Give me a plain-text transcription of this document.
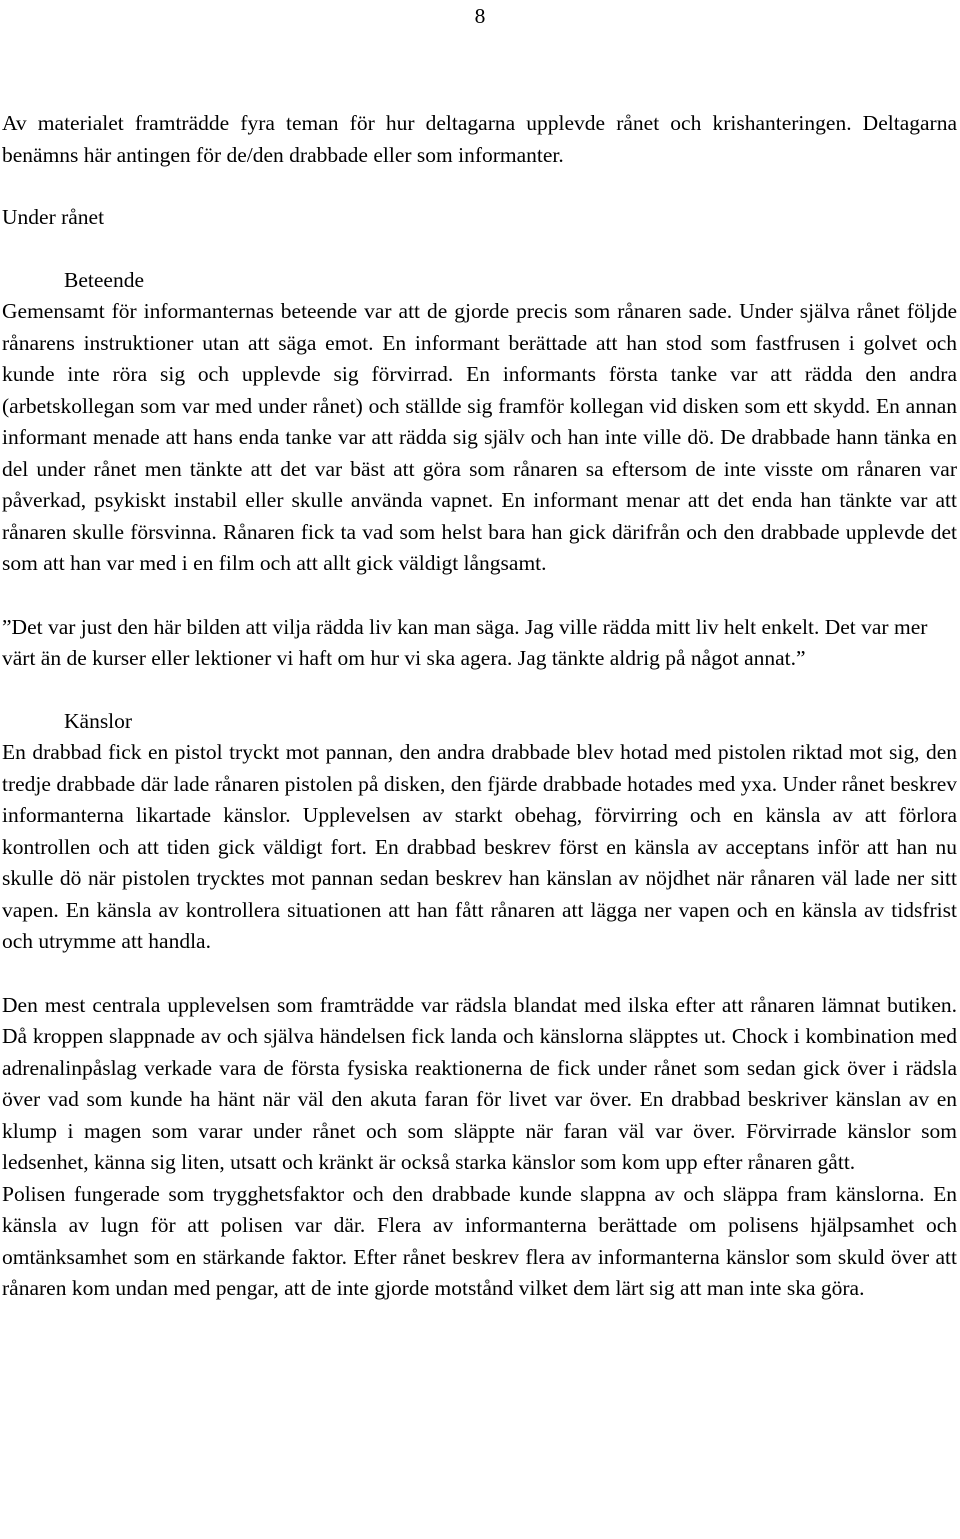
8

Av materialet framträdde fyra teman för hur deltagarna upplevde rånet och krishanteringen. Deltagarna benämns här antingen för de/den drabbade eller som informanter.

Under rånet

Beteende

Gemensamt för informanternas beteende var att de gjorde precis som rånaren sade. Under själva rånet följde rånarens instruktioner utan att säga emot. En informant berättade att han stod som fastfrusen i golvet och kunde inte röra sig och upplevde sig förvirrad. En informants första tanke var att rädda den andra (arbetskollegan som var med under rånet) och ställde sig framför kollegan vid disken som ett skydd. En annan informant menade att hans enda tanke var att rädda sig själv och han inte ville dö. De drabbade hann tänka en del under rånet men tänkte att det var bäst att göra som rånaren sa eftersom de inte visste om rånaren var påverkad, psykiskt instabil eller skulle använda vapnet. En informant menar att det enda han tänkte var att rånaren skulle försvinna. Rånaren fick ta vad som helst bara han gick därifrån och den drabbade upplevde det som att han var med i en film och att allt gick väldigt långsamt.

”Det var just den här bilden att vilja rädda liv kan man säga. Jag ville rädda mitt liv helt enkelt. Det var mer värt än de kurser eller lektioner vi haft om hur vi ska agera. Jag tänkte aldrig på något annat.”

Känslor

En drabbad fick en pistol tryckt mot pannan, den andra drabbade blev hotad med pistolen riktad mot sig, den tredje drabbade där lade rånaren pistolen på disken, den fjärde drabbade hotades med yxa. Under rånet beskrev informanterna likartade känslor. Upplevelsen av starkt obehag, förvirring och en känsla av att förlora kontrollen och att tiden gick väldigt fort. En drabbad beskrev först en känsla av acceptans inför att han nu skulle dö när pistolen trycktes mot pannan sedan beskrev han känslan av nöjdhet när rånaren väl lade ner sitt vapen. En känsla av kontrollera situationen att han fått rånaren att lägga ner vapen och en känsla av tidsfrist och utrymme att handla.

Den mest centrala upplevelsen som framträdde var rädsla blandat med ilska efter att rånaren lämnat butiken. Då kroppen slappnade av och själva händelsen fick landa och känslorna släpptes ut. Chock i kombination med adrenalinpåslag verkade vara de första fysiska reaktionerna de fick under rånet som sedan gick över i rädsla över vad som kunde ha hänt när väl den akuta faran för livet var över. En drabbad beskriver känslan av en klump i magen som varar under rånet och som släppte när faran väl var över. Förvirrade känslor som ledsenhet, känna sig liten, utsatt och kränkt är också starka känslor som kom upp efter rånaren gått.

Polisen fungerade som trygghetsfaktor och den drabbade kunde slappna av och släppa fram känslorna. En känsla av lugn för att polisen var där. Flera av informanterna berättade om polisens hjälpsamhet och omtänksamhet som en stärkande faktor. Efter rånet beskrev flera av informanterna känslor som skuld över att rånaren kom undan med pengar, att de inte gjorde motstånd vilket dem lärt sig att man inte ska göra.
